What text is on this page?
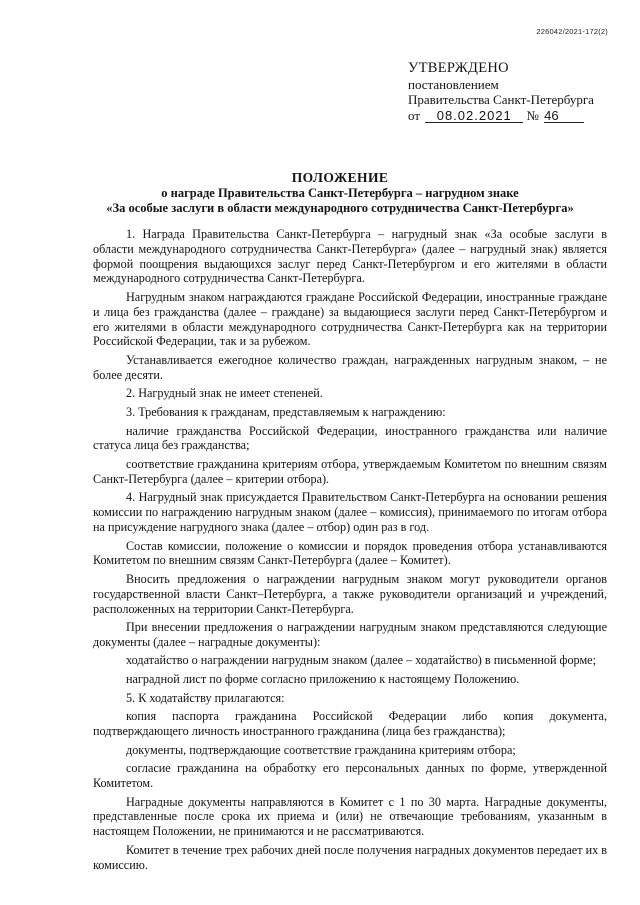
226042/2021-172(2)
УТВЕРЖДЕНО
постановлением
Правительства Санкт-Петербурга
от 08.02.2021 № 46
ПОЛОЖЕНИЕ
о награде Правительства Санкт-Петербурга – нагрудном знаке
«За особые заслуги в области международного сотрудничества Санкт-Петербурга»

1. Награда Правительства Санкт-Петербурга – нагрудный знак «За особые заслуги в области международного сотрудничества Санкт-Петербурга» (далее – нагрудный знак) является формой поощрения выдающихся заслуг перед Санкт-Петербургом и его жителями в области международного сотрудничества Санкт-Петербурга.

Нагрудным знаком награждаются граждане Российской Федерации, иностранные граждане и лица без гражданства (далее – граждане) за выдающиеся заслуги перед Санкт-Петербургом и его жителями в области международного сотрудничества Санкт-Петербурга как на территории Российской Федерации, так и за рубежом.

Устанавливается ежегодное количество граждан, награжденных нагрудным знаком, – не более десяти.

2. Нагрудный знак не имеет степеней.

3. Требования к гражданам, представляемым к награждению:

наличие гражданства Российской Федерации, иностранного гражданства или наличие статуса лица без гражданства;

соответствие гражданина критериям отбора, утверждаемым Комитетом по внешним связям Санкт-Петербурга (далее – критерии отбора).

4. Нагрудный знак присуждается Правительством Санкт-Петербурга на основании решения комиссии по награждению нагрудным знаком (далее – комиссия), принимаемого по итогам отбора на присуждение нагрудного знака (далее – отбор) один раз в год.

Состав комиссии, положение о комиссии и порядок проведения отбора устанавливаются Комитетом по внешним связям Санкт-Петербурга (далее – Комитет).

Вносить предложения о награждении нагрудным знаком могут руководители органов государственной власти Санкт–Петербурга, а также руководители организаций и учреждений, расположенных на территории Санкт-Петербурга.

При внесении предложения о награждении нагрудным знаком представляются следующие документы (далее – наградные документы):

ходатайство о награждении нагрудным знаком (далее – ходатайство) в письменной форме;

наградной лист по форме согласно приложению к настоящему Положению.

5. К ходатайству прилагаются:

копия паспорта гражданина Российской Федерации либо копия документа, подтверждающего личность иностранного гражданина (лица без гражданства);

документы, подтверждающие соответствие гражданина критериям отбора;

согласие гражданина на обработку его персональных данных по форме, утвержденной Комитетом.

Наградные документы направляются в Комитет с 1 по 30 марта. Наградные документы, представленные после срока их приема и (или) не отвечающие требованиям, указанным в настоящем Положении, не принимаются и не рассматриваются.

Комитет в течение трех рабочих дней после получения наградных документов передает их в комиссию.
